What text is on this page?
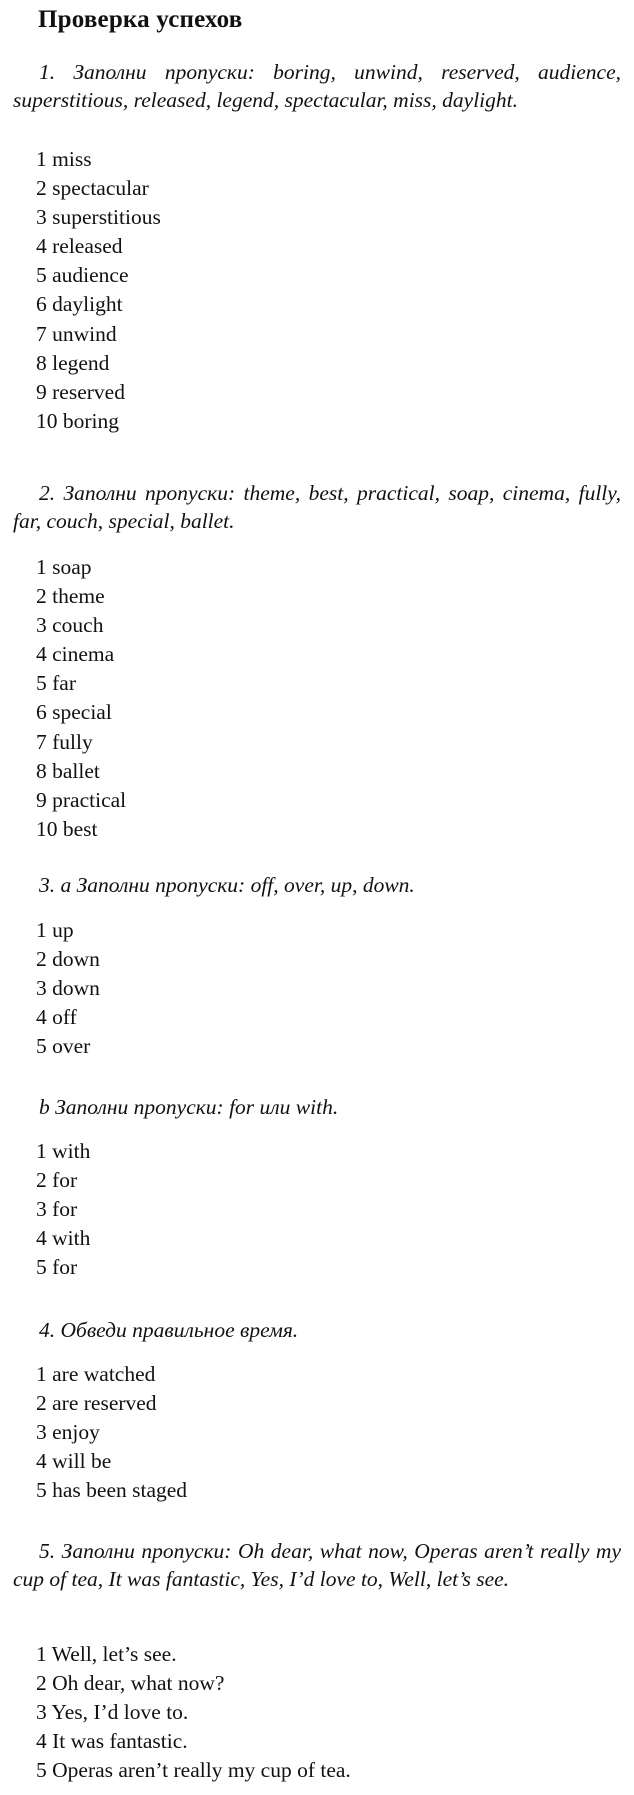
Проверка успехов

1. Заполни пропуски: boring, unwind, reserved, audience, superstitious, released, legend, spectacular, miss, daylight.

1 miss
2 spectacular
3 superstitious
4 released
5 audience
6 daylight
7 unwind
8 legend
9 reserved
10 boring

2. Заполни пропуски: theme, best, practical, soap, cinema, fully, far, couch, special, ballet.

1 soap
2 theme
3 couch
4 cinema
5 far
6 special
7 fully
8 ballet
9 practical
10 best

3. a Заполни пропуски: off, over, up, down.

1 up
2 down
3 down
4 off
5 over

b Заполни пропуски: for или with.

1 with
2 for
3 for
4 with
5 for

4. Обведи правильное время.

1 are watched
2 are reserved
3 enjoy
4 will be
5 has been staged

5. Заполни пропуски: Oh dear, what now, Operas aren’t really my cup of tea, It was fantastic, Yes, I’d love to, Well, let’s see.

1 Well, let’s see.
2 Oh dear, what now?
3 Yes, I’d love to.
4 It was fantastic.
5 Operas aren’t really my cup of tea.
